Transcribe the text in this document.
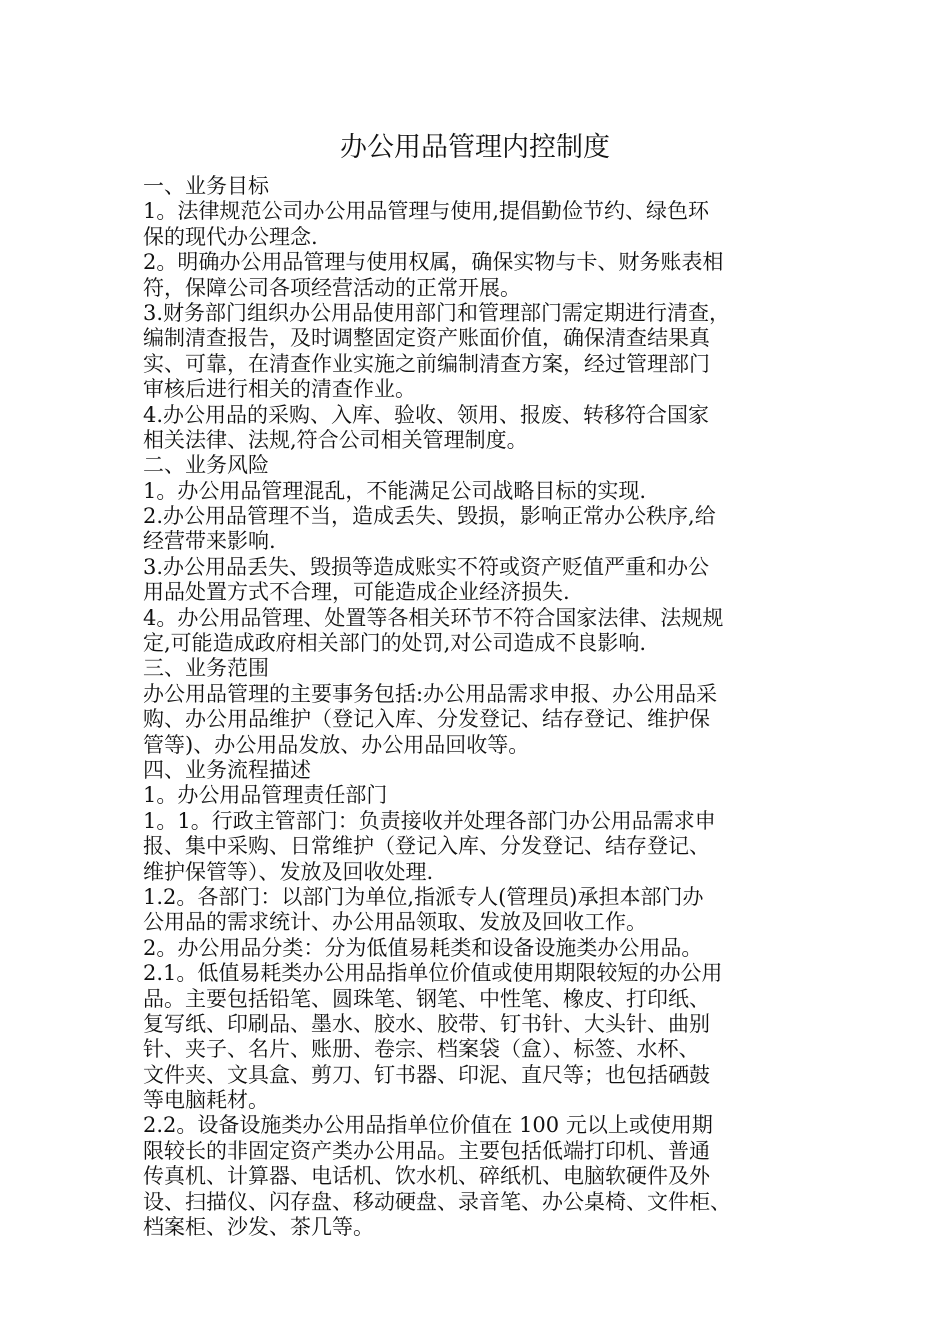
办公用品管理内控制度
一、业务目标
1。法律规范公司办公用品管理与使用,提倡勤俭节约、绿色环
保的现代办公理念.
2。明确办公用品管理与使用权属，确保实物与卡、财务账表相
符，保障公司各项经营活动的正常开展。
3.财务部门组织办公用品使用部门和管理部门需定期进行清查，
编制清查报告，及时调整固定资产账面价值，确保清查结果真
实、可靠，在清查作业实施之前编制清查方案，经过管理部门
审核后进行相关的清查作业。
4.办公用品的采购、入库、验收、领用、报废、转移符合国家
相关法律、法规,符合公司相关管理制度。
二、业务风险
1。办公用品管理混乱，不能满足公司战略目标的实现.
2.办公用品管理不当，造成丢失、毁损，影响正常办公秩序,给
经营带来影响.
3.办公用品丢失、毁损等造成账实不符或资产贬值严重和办公
用品处置方式不合理，可能造成企业经济损失.
4。办公用品管理、处置等各相关环节不符合国家法律、法规规
定,可能造成政府相关部门的处罚,对公司造成不良影响.
三、业务范围
办公用品管理的主要事务包括:办公用品需求申报、办公用品采
购、办公用品维护（登记入库、分发登记、结存登记、维护保
管等)、办公用品发放、办公用品回收等。
四、业务流程描述
1。办公用品管理责任部门
1。1。行政主管部门：负责接收并处理各部门办公用品需求申
报、集中采购、日常维护（登记入库、分发登记、结存登记、
维护保管等）、发放及回收处理.
1.2。各部门：以部门为单位,指派专人(管理员)承担本部门办
公用品的需求统计、办公用品领取、发放及回收工作。
2。办公用品分类：分为低值易耗类和设备设施类办公用品。
2.1。低值易耗类办公用品指单位价值或使用期限较短的办公用
品。主要包括铅笔、圆珠笔、钢笔、中性笔、橡皮、打印纸、
复写纸、印刷品、墨水、胶水、胶带、钉书针、大头针、曲别
针、夹子、名片、账册、卷宗、档案袋（盒）、标签、水杯、
文件夹、文具盒、剪刀、钉书器、印泥、直尺等；也包括硒鼓
等电脑耗材。
2.2。设备设施类办公用品指单位价值在 100 元以上或使用期
限较长的非固定资产类办公用品。主要包括低端打印机、普通
传真机、计算器、电话机、饮水机、碎纸机、电脑软硬件及外
设、扫描仪、闪存盘、移动硬盘、录音笔、办公桌椅、文件柜、
档案柜、沙发、茶几等。
